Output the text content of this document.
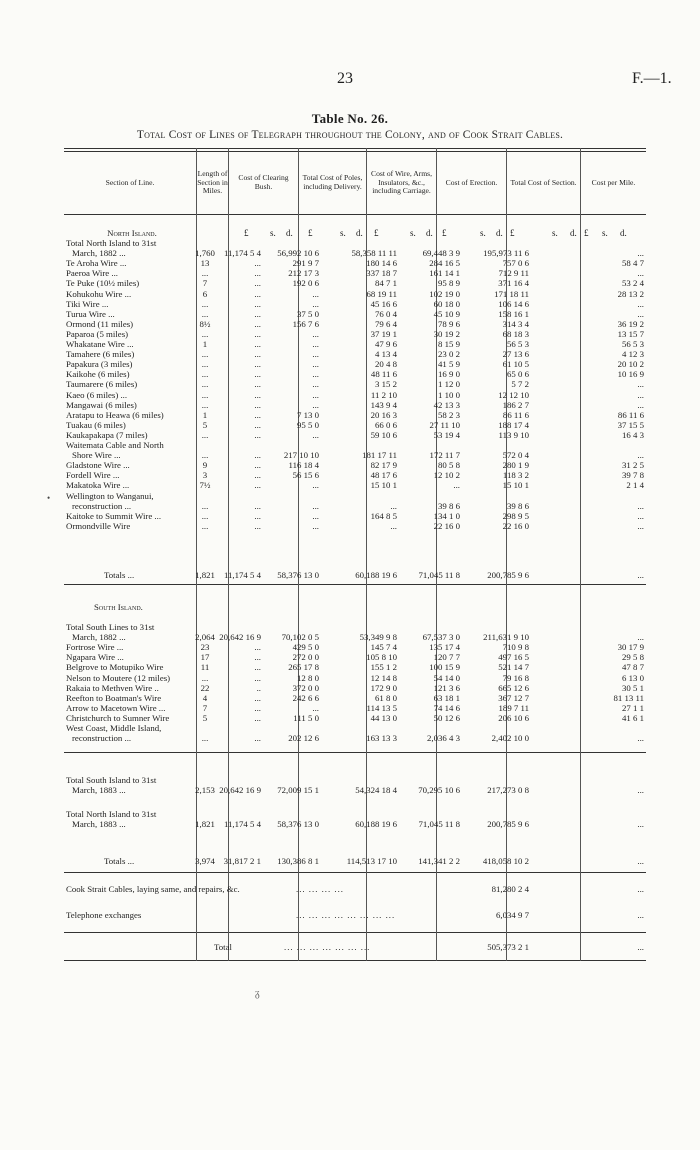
23	F.—1.
Table No. 26.
Total Cost of Lines of Telegraph throughout the Colony, and of Cook Strait Cables.
Section of Line.
Length of Section in Miles.
Cost of Clearing Bush.
Total Cost of Poles, including Delivery.
Cost of Wire, Arms, Insulators, &c., including Carriage.
Cost of Erection.	Total Cost of Section.	Cost per Mile.
North Island.	£ s. d. £	s. d. £	s. d. £	s. d. £	s. d. £ s. d.
Total North Island to 31st
March, 1882 ...	1,760	11,174 5 4	56,992 10 6	58,358 11 11	69,448 3 9	195,973 11 6	...
Te Aroha Wire ...	13	...	291 9 7	180 14 6	284 16 5	757 0 6	58 4 7
Paeroa Wire ...	...	...	212 17 3	337 18 7	161 14 1	712 9 11	...
Te Puke (10½ miles)	7	...	192 0 6	84 7 1	95 8 9	371 16 4	53 2 4
Kohukohu Wire ...	6	...	...	68 19 11	102 19 0	171 18 11	28 13 2
Tiki Wire ...	...	...	...	45 16 6	60 18 0	106 14 6	...
Turua Wire ...	...	...	37 5 0	76 0 4	45 10 9	158 16 1	...
Ormond (11 miles)	8½	...	156 7 6	79 6 4	78 9 6	314 3 4	36 19 2
Paparoa (5 miles)	...	...	...	37 19 1	30 19 2	68 18 3	13 15 7
Whakatane Wire ...	1	...	...	47 9 6	8 15 9	56 5 3	56 5 3
Tamahere (6 miles)	...	...	...	4 13 4	23 0 2	27 13 6	4 12 3
Papakura (3 miles)	...	...	...	20 4 8	41 5 9	61 10 5	20 10 2
Kaikohe (6 miles)	...	...	...	48 11 6	16 9 0	65 0 6	10 16 9
Taumarere (6 miles)	...	...	...	3 15 2	1 12 0	5 7 2	...
Kaeo (6 miles) ...	...	...	...	11 2 10	1 10 0	12 12 10	...
Mangawai (6 miles)	...	...	...	143 9 4	42 13 3	186 2 7	...
Aratapu to Heawa (6 miles)	1	...	7 13 0	20 16 3	58 2 3	86 11 6	86 11 6
Tuakau (6 miles)	5	...	95 5 0	66 0 6	27 11 10	188 17 4	37 15 5
Kaukapakapa (7 miles)	...	...	...	59 10 6	53 19 4	113 9 10	16 4 3
Waitemata Cable and North
Shore Wire ...	...	...	217 10 10	181 17 11	172 11 7	572 0 4	...
Gladstone Wire ...	9	...	116 18 4	82 17 9	80 5 8	280 1 9	31 2 5
Fordell Wire ...	3	...	56 15 6	48 17 6	12 10 2	118 3 2	39 7 8
Makatoka Wire ...	7½	...	...	15 10 1	...	15 10 1	2 1 4
Wellington to Wanganui,
reconstruction ...	...	...	...	...	39 8 6	39 8 6	...
Kaitoke to Summit Wire ...	...	...	...	164 8 5	134 1 0	298 9 5	...
Ormondville Wire	...	...	...	...	22 16 0	22 16 0	...
Totals ...	1,821	11,174 5 4	58,376 13 0	60,188 19 6	71,045 11 8	200,785 9 6	...
South Island.
Total South Lines to 31st
March, 1882 ...	2,064 20,642 16 9	70,102 0 5	53,349 9 8	67,537 3 0	211,631 9 10	...
Fortrose Wire ...	23	...	429 5 0	145 7 4	135 17 4	710 9 8	30 17 9
Ngapara Wire ...	17	...	272 0 0	105 8 10	120 7 7	497 16 5	29 5 8
Belgrove to Motupiko Wire	11	...	265 17 8	155 1 2	100 15 9	521 14 7	47 8 7
Nelson to Moutere (12 miles)	...	...	12 8 0	12 14 8	54 14 0	79 16 8	6 13 0
Rakaia to Methven Wire ..	22	..	372 0 0	172 9 0	121 3 6	665 12 6	30 5 1
Reefton to Boatman's Wire	4	...	242 6 6	61 8 0	63 18 1	367 12 7	81 13 11
Arrow to Macetown Wire ...	7	...	...	114 13 5	74 14 6	189 7 11	27 1 1
Christchurch to Sumner Wire	5	...	111 5 0	44 13 0	50 12 6	206 10 6	41 6 1
West Coast, Middle Island,
reconstruction ...	...	...	202 12 6	163 13 3	2,036 4 3	2,402 10 0	...
Total South Island to 31st
March, 1883 ...	2,153 20,642 16 9	72,009 15 1	54,324 18 4	70,295 10 6	217,273 0 8	...
Total North Island to 31st
March, 1883 ...	1,821	11,174 5 4	58,376 13 0	60,188 19 6	71,045 11 8	200,785 9 6	...
Totals ...	3,974 31,817 2 1	130,386 8 1	114,513 17 10	141,341 2 2	418,058 10 2	...
Cook Strait Cables, laying same, and repairs, &c.	... ... ... ...	81,280 2 4	...
Telephone exchanges	... ... ... ... ... ... ... ...	6,034 9 7	...
Total	... ... ... ... ... ... ...	505,373 2 1	...
•
ᵹ
